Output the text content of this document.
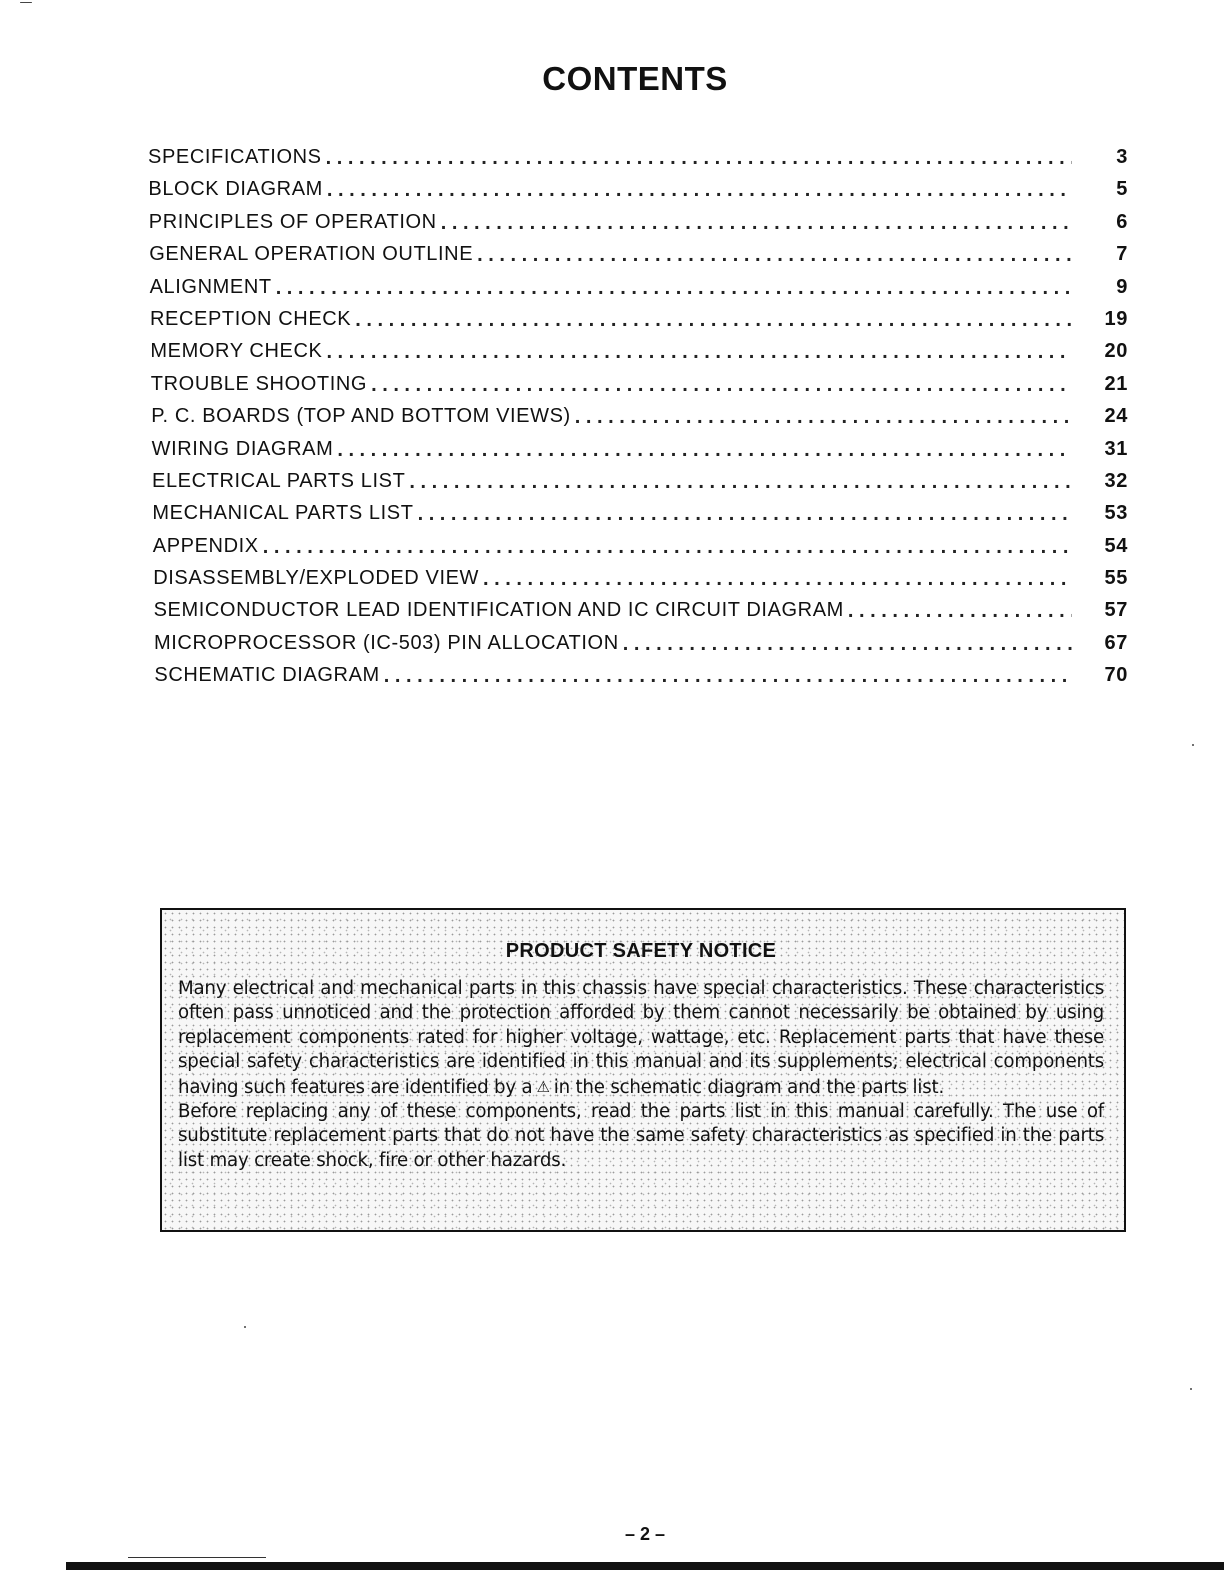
CONTENTS
SPECIFICATIONS . . .	3
BLOCK DIAGRAM . . .	5
PRINCIPLES OF OPERATION . . .	6
GENERAL OPERATION OUTLINE . . .	7
ALIGNMENT . . .	9
RECEPTION CHECK . . .	19
MEMORY CHECK . . .	20
TROUBLE SHOOTING . . .	21
P. C. BOARDS (TOP AND BOTTOM VIEWS) . . .	24
WIRING DIAGRAM . . .	31
ELECTRICAL PARTS LIST . . .	32
MECHANICAL PARTS LIST . . .	53
APPENDIX . . .	54
DISASSEMBLY/EXPLODED VIEW . . .	55
SEMICONDUCTOR LEAD IDENTIFICATION AND IC CIRCUIT DIAGRAM . . .	57
MICROPROCESSOR (IC-503) PIN ALLOCATION . . .	67
SCHEMATIC DIAGRAM . . .	70
PRODUCT SAFETY NOTICE

Many electrical and mechanical parts in this chassis have special characteristics. These characteristics often pass unnoticed and the protection afforded by them cannot necessarily be obtained by using replacement components rated for higher voltage, wattage, etc. Replacement parts that have these special safety characteristics are identified in this manual and its supplements; electrical components having such features are identified by a ⚠ in the schematic diagram and the parts list.

Before replacing any of these components, read the parts list in this manual carefully. The use of substitute replacement parts that do not have the same safety characteristics as specified in the parts list may create shock, fire or other hazards.

– 2 –
